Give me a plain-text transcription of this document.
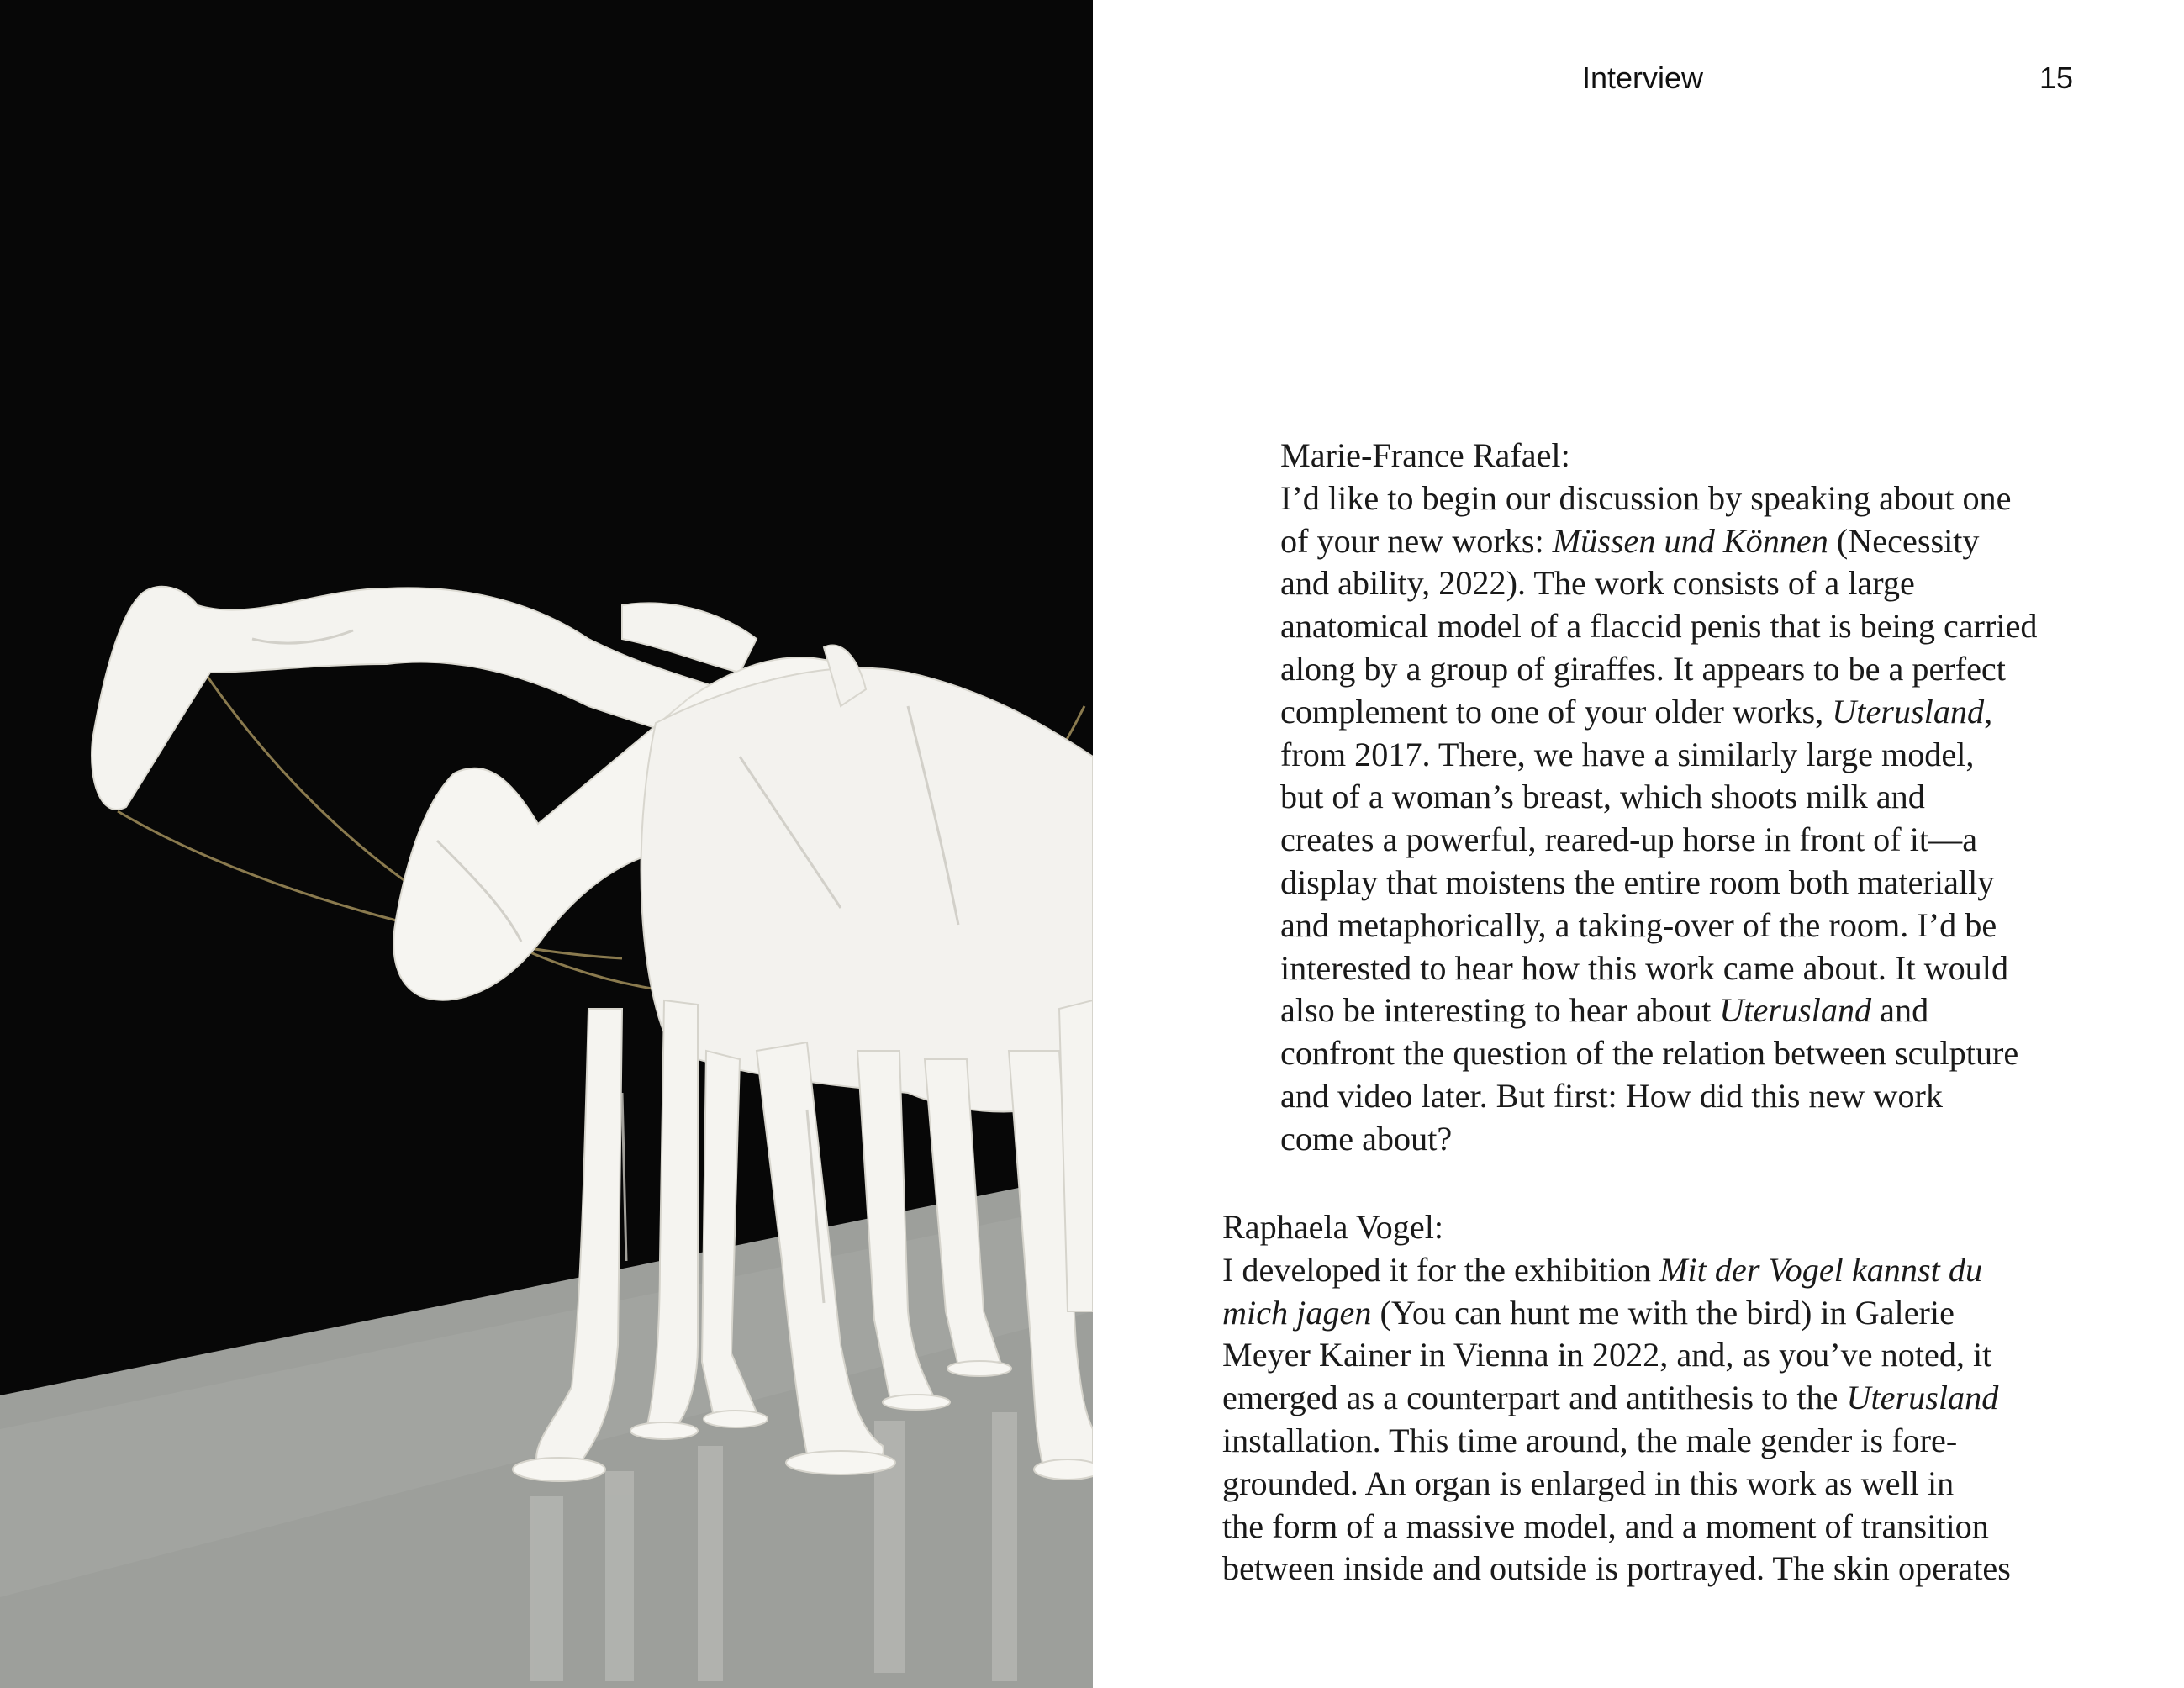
Interview	15
Marie-France Rafael:
I’d like to begin our discussion by speaking about one
of your new works: Müssen und Können (Necessity
and ability, 2022). The work consists of a large
anatomical model of a flaccid penis that is being carried
along by a group of giraffes. It appears to be a perfect
complement to one of your older works, Uterusland,
from 2017. There, we have a similarly large model,
but of a woman’s breast, which shoots milk and
creates a powerful, reared-up horse in front of it—a
display that moistens the entire room both materially
and metaphorically, a taking-over of the room. I’d be
interested to hear how this work came about. It would
also be interesting to hear about Uterusland and
confront the question of the relation between sculpture
and video later. But first: How did this new work
come about?
Raphaela Vogel:
I developed it for the exhibition Mit der Vogel kannst du
mich jagen (You can hunt me with the bird) in Galerie
Meyer Kainer in Vienna in 2022, and, as you’ve noted, it
emerged as a counterpart and antithesis to the Uterusland
installation. This time around, the male gender is fore-
grounded. An organ is enlarged in this work as well in
the form of a massive model, and a moment of transition
between inside and outside is portrayed. The skin operates
